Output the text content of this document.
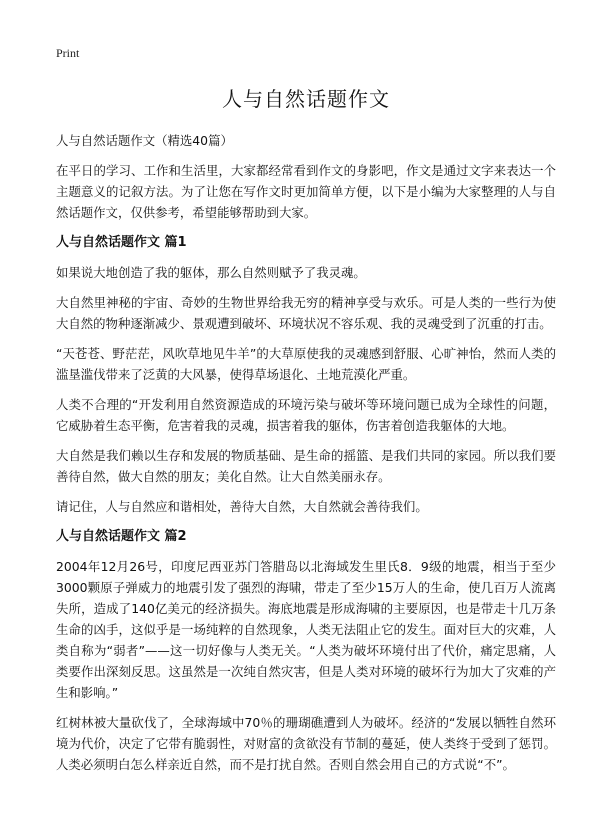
Print
人与自然话题作文

人与自然话题作文（精选40篇）

在平日的学习、工作和生活里，大家都经常看到作文的身影吧，作文是通过文字来表达一个主题意义的记叙方法。为了让您在写作文时更加简单方便，以下是小编为大家整理的人与自然话题作文，仅供参考，希望能够帮助到大家。

人与自然话题作文 篇1

如果说大地创造了我的躯体，那么自然则赋予了我灵魂。

大自然里神秘的宇宙、奇妙的生物世界给我无穷的精神享受与欢乐。可是人类的一些行为使大自然的物种逐渐减少、景观遭到破坏、环境状况不容乐观、我的灵魂受到了沉重的打击。

“天苍苍、野茫茫，风吹草地见牛羊”的大草原使我的灵魂感到舒服、心旷神怡，然而人类的滥垦滥伐带来了泛黄的大风暴，使得草场退化、土地荒漠化严重。

人类不合理的“开发利用自然资源造成的环境污染与破坏等环境问题已成为全球性的问题，它威胁着生态平衡，危害着我的灵魂，损害着我的躯体，伤害着创造我躯体的大地。

大自然是我们赖以生存和发展的物质基础、是生命的摇篮、是我们共同的家园。所以我们要善待自然，做大自然的朋友；美化自然。让大自然美丽永存。

请记住，人与自然应和谐相处，善待大自然，大自然就会善待我们。

人与自然话题作文 篇2

2004年12月26号，印度尼西亚苏门答腊岛以北海域发生里氏8．9级的地震，相当于至少3000颗原子弹威力的地震引发了强烈的海啸，带走了至少15万人的生命，使几百万人流离失所，造成了140亿美元的经济损失。海底地震是形成海啸的主要原因，也是带走十几万条生命的凶手，这似乎是一场纯粹的自然现象，人类无法阻止它的发生。面对巨大的灾难，人类自称为“弱者”——这一切好像与人类无关。“人类为破坏环境付出了代价，痛定思痛，人类要作出深刻反思。这虽然是一次纯自然灾害，但是人类对环境的破坏行为加大了灾难的产生和影响。”

红树林被大量砍伐了，全球海域中70％的珊瑚礁遭到人为破坏。经济的“发展以牺牲自然环境为代价，决定了它带有脆弱性，对财富的贪欲没有节制的蔓延，使人类终于受到了惩罚。人类必须明白怎么样亲近自然，而不是打扰自然。否则自然会用自己的方式说“不”。
